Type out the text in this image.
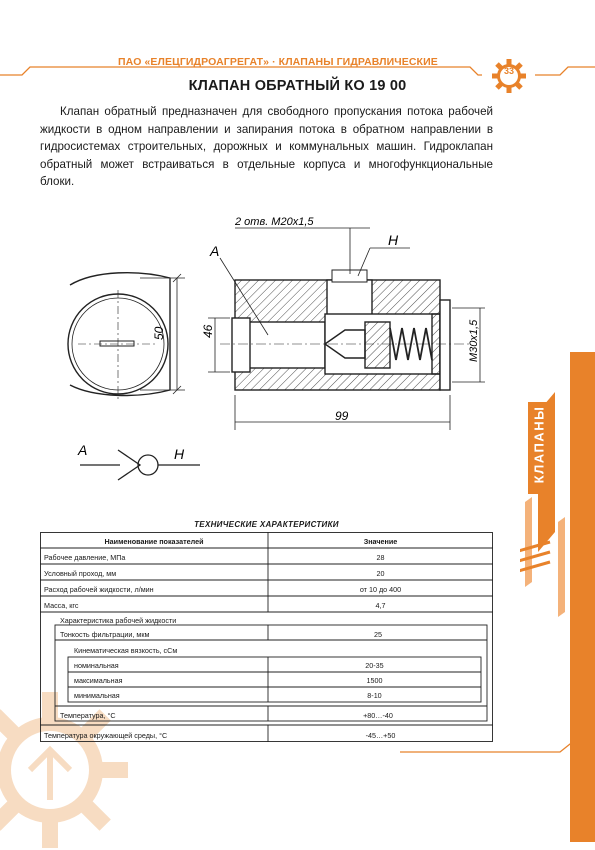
ПАО «ЕЛЕЦГИДРОАГРЕГАТ» · КЛАПАНЫ ГИДРАВЛИЧЕСКИЕ
33
КЛАПАН ОБРАТНЫЙ КО 19 00
Клапан обратный предназначен для свободного пропускания потока рабочей жидкости в одном направлении и запирания потока в обратном направлении в гидросистемах строительных, дорожных и коммунальных машин. Гидроклапан обратный может встраиваться в отдельные корпуса и многофункциональные блоки.
50	46
99
М30х1,5
2 отв. М20х1,5
Н
А
А	Н	КЛАПАНЫ
ТЕХНИЧЕСКИЕ ХАРАКТЕРИСТИКИ
Наименование показателей	Значение
Рабочее давление, МПа	28
Условный проход, мм	20
Расход рабочей жидкости, л/мин	от 10 до 400
Масса, кгс	4,7
Характеристика рабочей жидкости
Тонкость фильтрации, мкм	25
Кинематическая вязкость, сСм
номинальная	20-35
максимальная	1500
минимальная	8-10
Температура, °С	+80…-40
Температура окружающей среды, °С	-45…+50
